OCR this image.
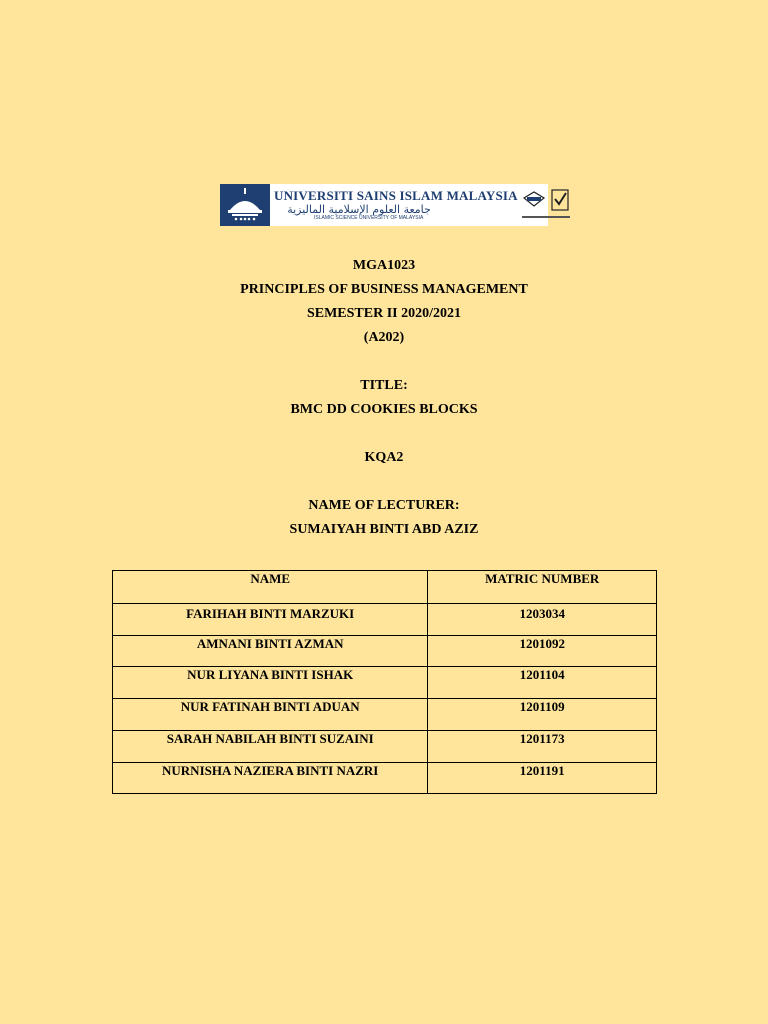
UNIVERSITI SAINS ISLAM MALAYSIA
جامعة العلوم الإسلامية الماليزية
ISLAMIC SCIENCE UNIVERSITY OF MALAYSIA
MGA1023
PRINCIPLES OF BUSINESS MANAGEMENT
SEMESTER II 2020/2021
(A202)
TITLE:
BMC DD COOKIES BLOCKS
KQA2
NAME OF LECTURER:
SUMAIYAH BINTI ABD AZIZ
NAME	MATRIC NUMBER
FARIHAH BINTI MARZUKI	1203034
AMNANI BINTI AZMAN	1201092
NUR LIYANA BINTI ISHAK	1201104
NUR FATINAH BINTI ADUAN	1201109
SARAH NABILAH BINTI SUZAINI	1201173
NURNISHA NAZIERA BINTI NAZRI	1201191
